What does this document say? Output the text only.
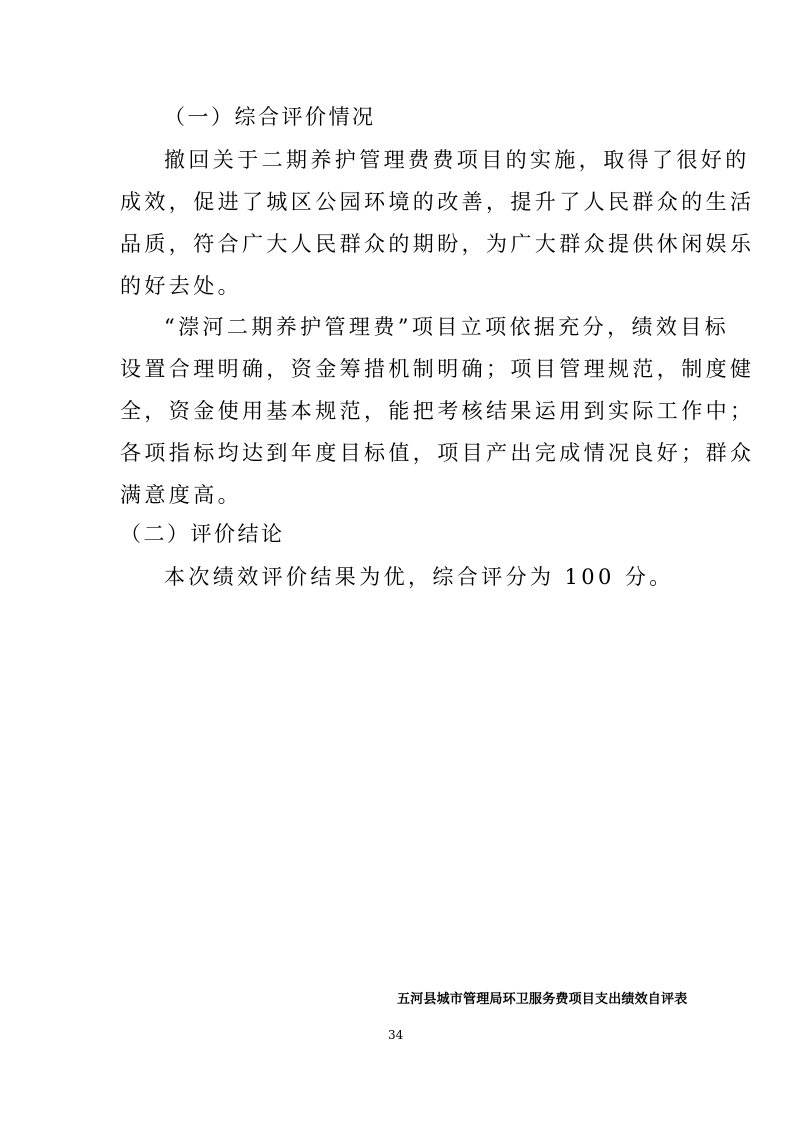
（一）综合评价情况
撤回关于二期养护管理费费项目的实施，取得了很好的
成效，促进了城区公园环境的改善，提升了人民群众的生活
品质，符合广大人民群众的期盼，为广大群众提供休闲娱乐
的好去处。
“漴河二期养护管理费”项目立项依据充分，绩效目标
设置合理明确，资金筹措机制明确；项目管理规范，制度健
全，资金使用基本规范，能把考核结果运用到实际工作中；
各项指标均达到年度目标值，项目产出完成情况良好；群众
满意度高。
（二）评价结论
本次绩效评价结果为优，综合评分为 100 分。
五河县城市管理局环卫服务费项目支出绩效自评表
34
